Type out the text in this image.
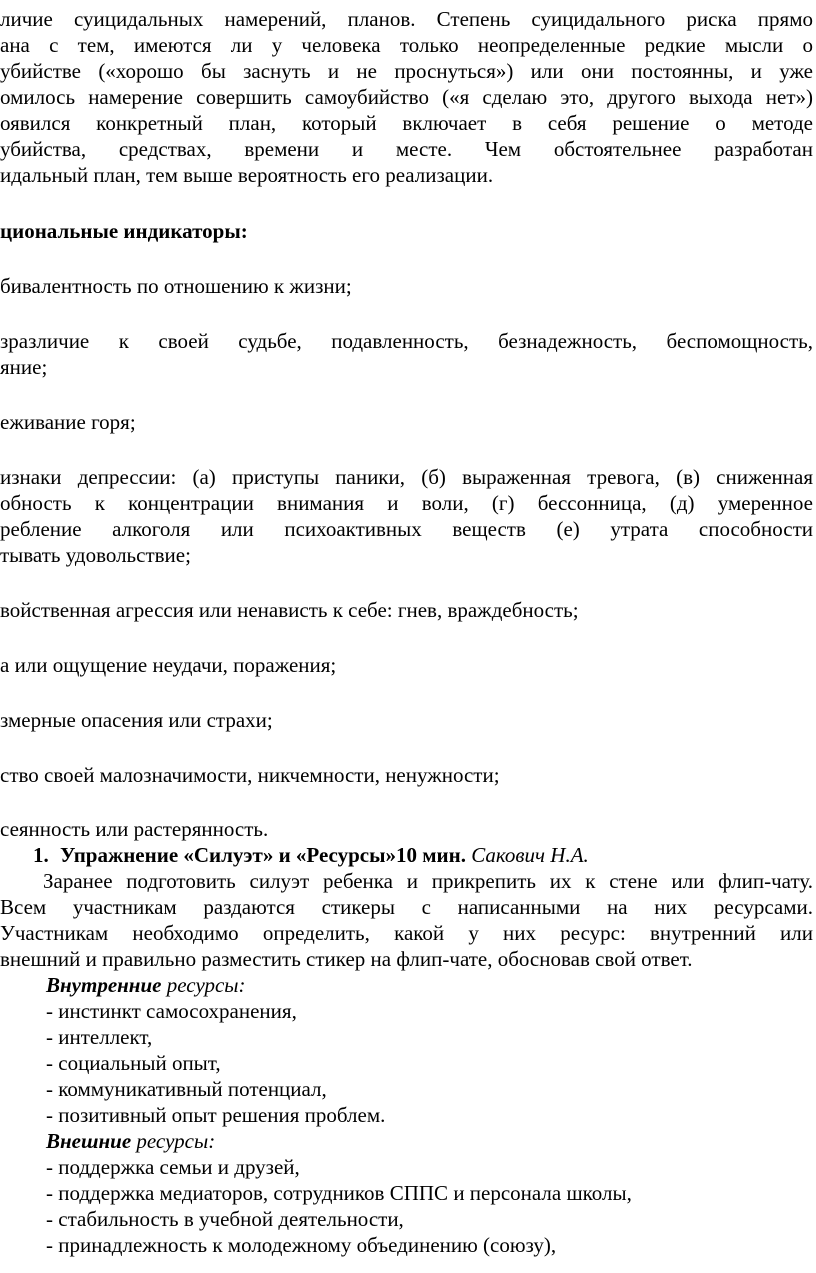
личие суицидальных намерений, планов. Степень суицидального риска прямо
ана с тем, имеются ли у человека только неопределенные редкие мысли о
убийстве («хорошо бы заснуть и не проснуться») или они постоянны, и уже
омилось намерение совершить самоубийство («я сделаю это, другого выхода нет»)
оявился конкретный план, который включает в себя решение о методе
убийства, средствах, времени и месте. Чем обстоятельнее разработан
идальный план, тем выше вероятность его реализации.
циональные индикаторы:
бивалентность по отношению к жизни;
зразличие к своей судьбе, подавленность, безнадежность, беспомощность,
яние;
еживание горя;
изнаки депрессии: (а) приступы паники, (б) выраженная тревога, (в) сниженная
обность к концентрации внимания и воли, (г) бессонница, (д) умеренное
ребление алкоголя или психоактивных веществ (е) утрата способности
тывать удовольствие;
войственная агрессия или ненависть к себе: гнев, враждебность;
а или ощущение неудачи, поражения;
змерные опасения или страхи;
ство своей малозначимости, никчемности, ненужности;
сеянность или растерянность.
1. Упражнение «Силуэт» и «Ресурсы»10 мин. Сакович Н.А.
Заранее подготовить силуэт ребенка и прикрепить их к стене или флип-чату.
Всем участникам раздаются стикеры с написанными на них ресурсами.
Участникам необходимо определить, какой у них ресурс: внутренний или
внешний и правильно разместить стикер на флип-чате, обосновав свой ответ.
Внутренние ресурсы:
- инстинкт самосохранения,
- интеллект,
- социальный опыт,
- коммуникативный потенциал,
- позитивный опыт решения проблем.
Внешние ресурсы:
- поддержка семьи и друзей,
- поддержка медиаторов, сотрудников СППС и персонала школы,
- стабильность в учебной деятельности,
- принадлежность к молодежному объединению (союзу),
